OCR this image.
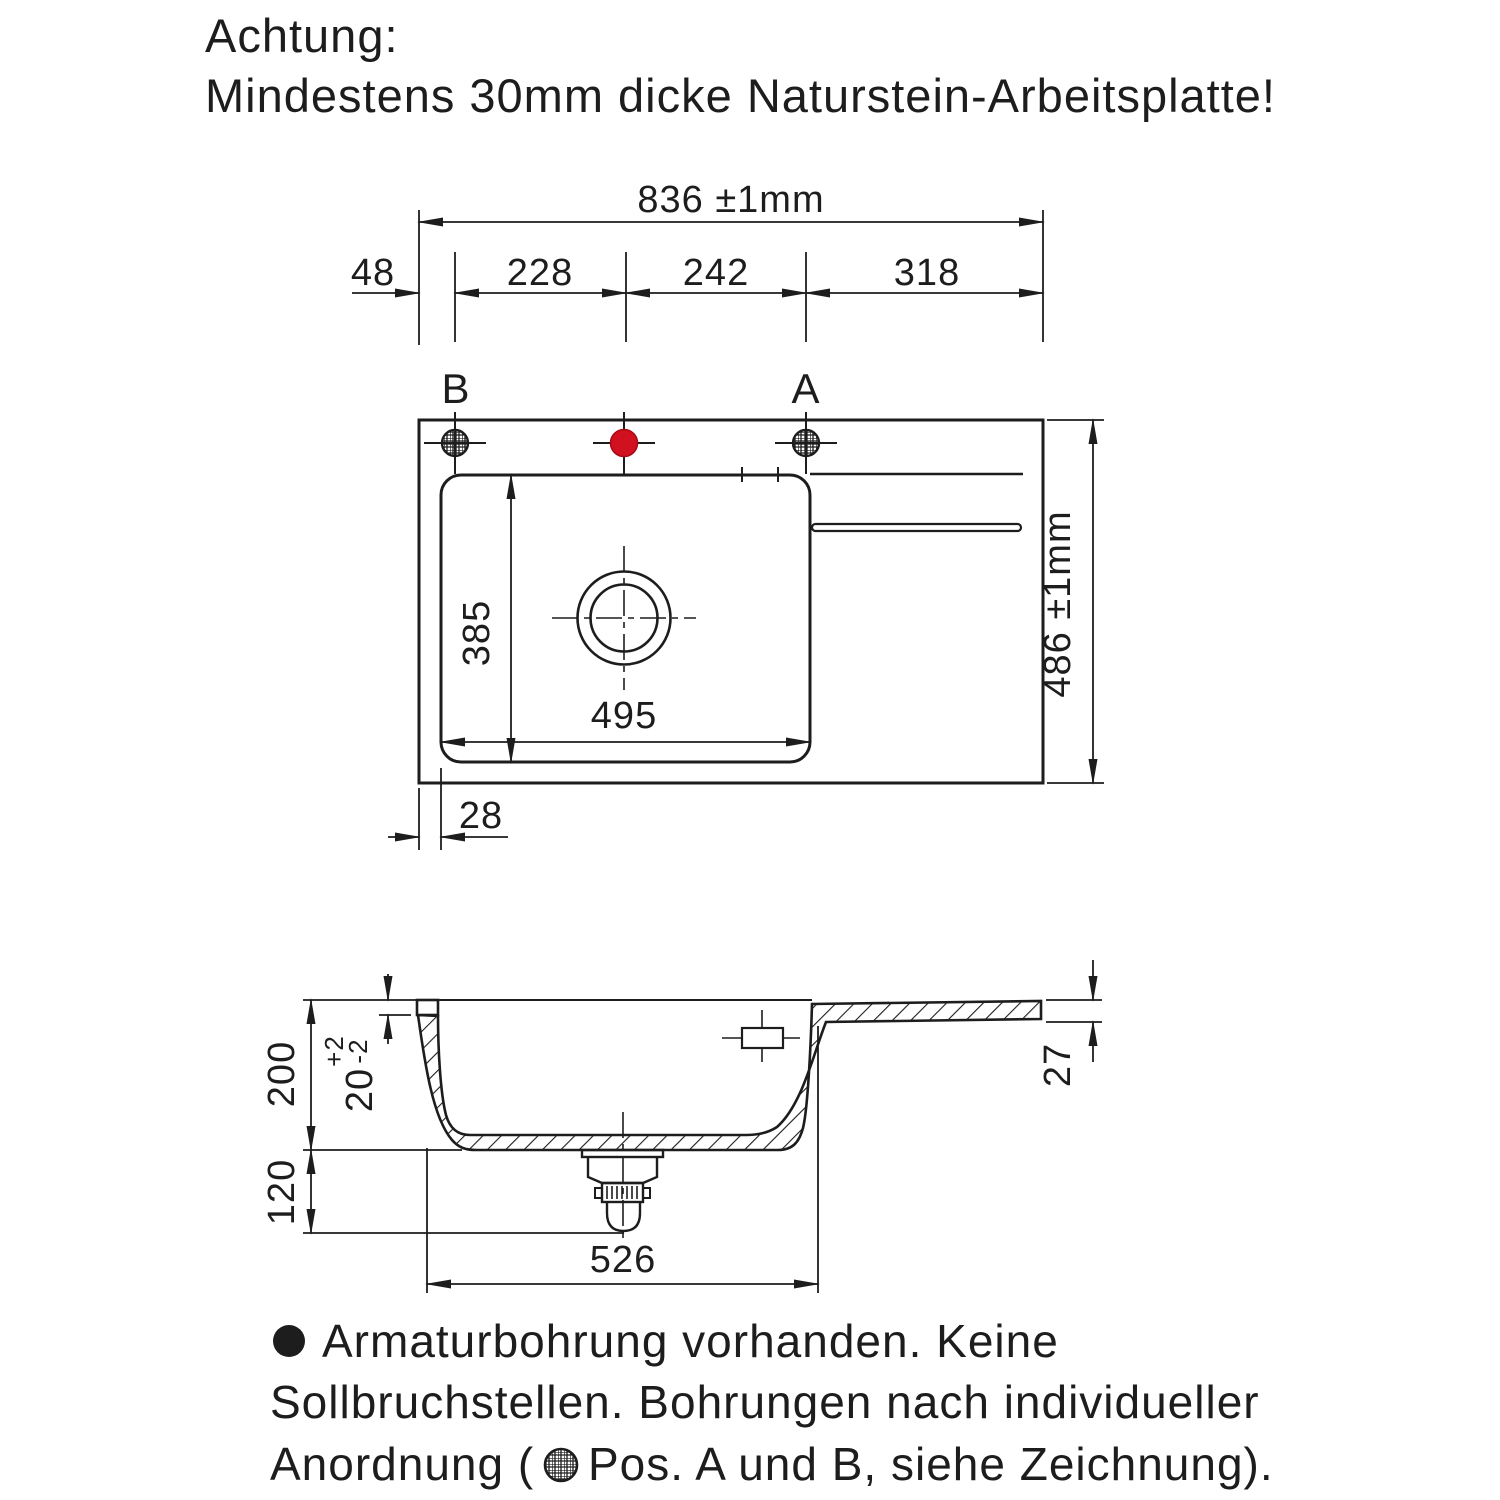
Achtung:
Mindestens 30mm dicke Naturstein-Arbeitsplatte!
836 ±1mm
48	228	242	318
B	A
385
495
486 ±1mm
28
200
120
20
+2
-2	27
526
Armaturbohrung vorhanden. Keine
Sollbruchstellen. Bohrungen nach individueller
Anordnung ( Pos. A und B, siehe Zeichnung).
